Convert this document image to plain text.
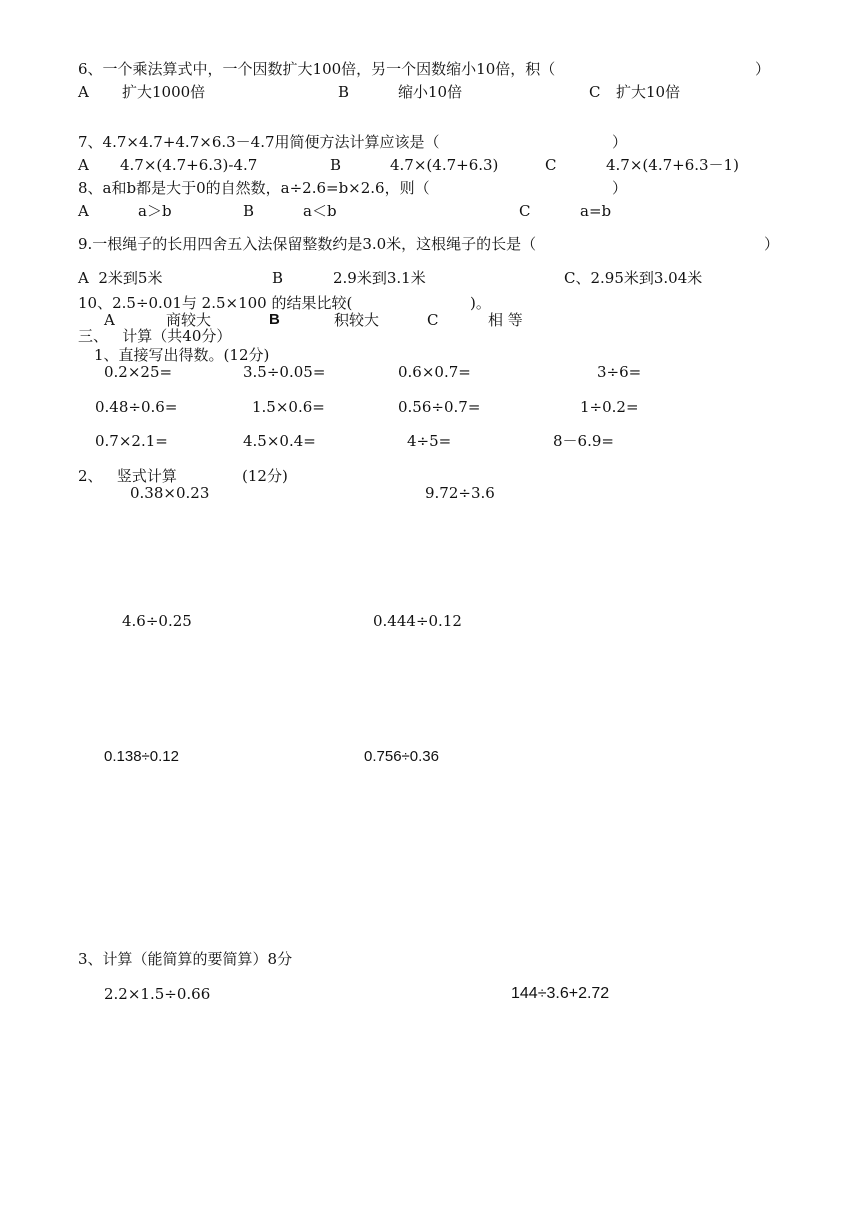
6、一个乘法算式中，一个因数扩大100倍，另一个因数缩小10倍，积（	）
A 扩大1000倍	B	缩小10倍	C 扩大10倍
7、4.7×4.7+4.7×6.3－4.7用简便方法计算应该是（	）
A 4.7×(4.7+6.3)-4.7	B	4.7×(4.7+6.3)	C	4.7×(4.7+6.3－1)
8、a和b都是大于0的自然数，a÷2.6=b×2.6，则（	）
A	a＞b	B	a＜b	C	a=b
9.一根绳子的长用四舍五入法保留整数约是3.0米，这根绳子的长是（	）
A  2米到5米	B	2.9米到3.1米	C、2.95米到3.04米
10、2.5÷0.01与 2.5×100 的结果比较(	)。
A	商较大	B	积较大	C	相 等
三、   计算（共40分）
1、直接写出得数。(12分)
0.2×25=	3.5÷0.05=	0.6×0.7=	3÷6=
0.48÷0.6=	1.5×0.6=	0.56÷0.7=	1÷0.2=
0.7×2.1=	4.5×0.4=	4÷5=	8－6.9=
2、   竖式计算	(12分)
0.38×0.23	9.72÷3.6
4.6÷0.25	0.444÷0.12
0.138÷0.12	0.756÷0.36
3、计算（能简算的要简算）8分
2.2×1.5÷0.66	144÷3.6+2.72
